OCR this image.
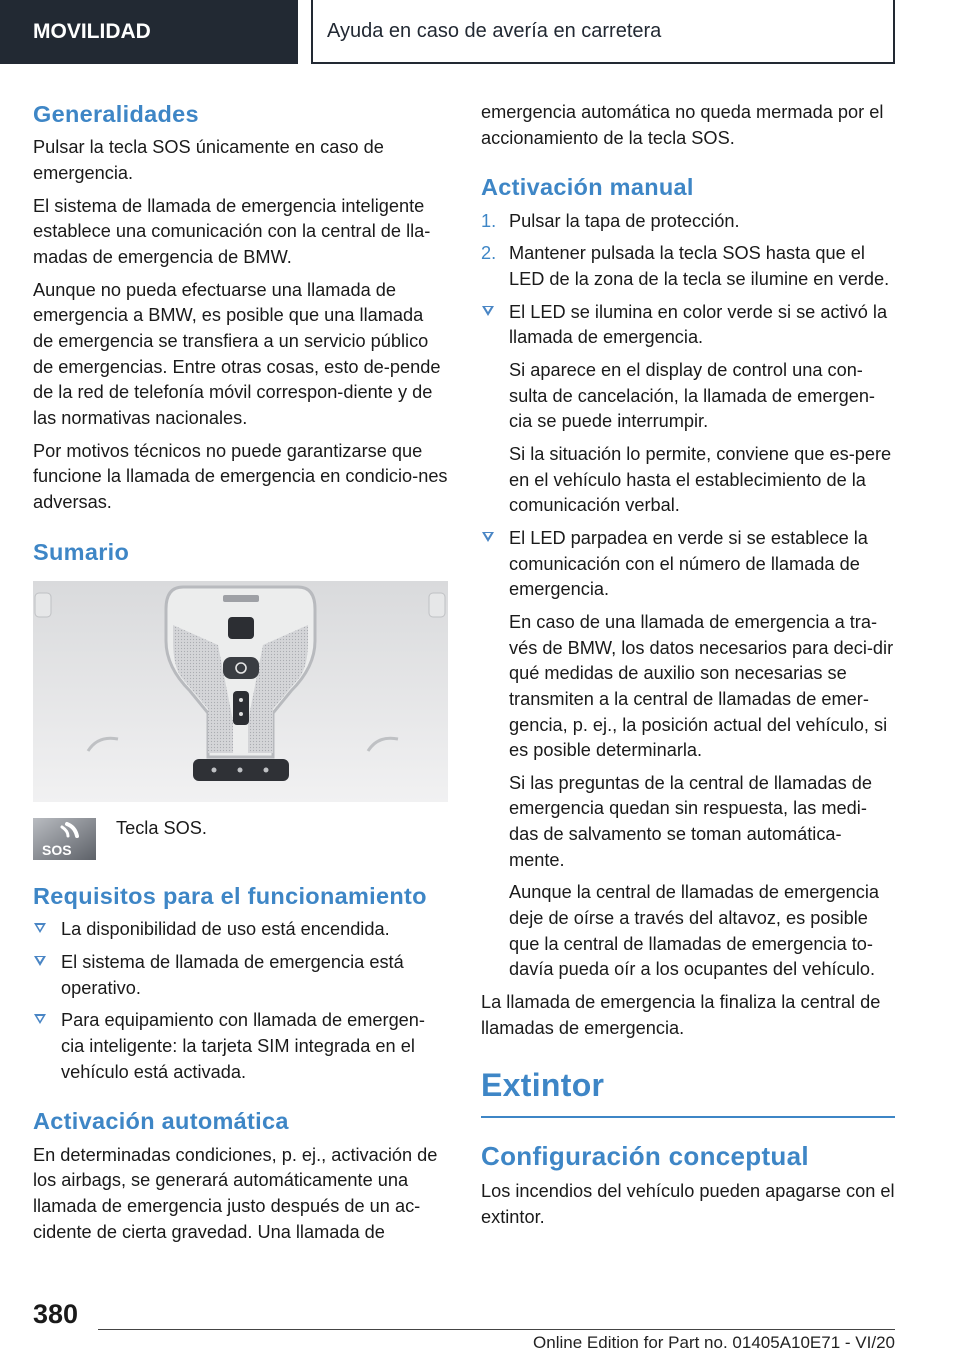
MOVILIDAD	Ayuda en caso de avería en carretera
Generalidades

Pulsar la tecla SOS únicamente en caso de emergencia.

El sistema de llamada de emergencia inteligente establece una comunicación con la central de lla-madas de emergencia de BMW.

Aunque no pueda efectuarse una llamada de emergencia a BMW, es posible que una llamada de emergencia se transfiera a un servicio público de emergencias. Entre otras cosas, esto de-pende de la red de telefonía móvil correspon-diente y de las normativas nacionales.

Por motivos técnicos no puede garantizarse que funcione la llamada de emergencia en condicio-nes adversas.

Sumario
SOS
Tecla SOS.
Requisitos para el funcionamiento
La disponibilidad de uso está encendida.
El sistema de llamada de emergencia está operativo.
Para equipamiento con llamada de emergen-cia inteligente: la tarjeta SIM integrada en el vehículo está activada.
Activación automática

En determinadas condiciones, p. ej., activación de los airbags, se generará automáticamente una llamada de emergencia justo después de un ac-cidente de cierta gravedad. Una llamada de

emergencia automática no queda mermada por el accionamiento de la tecla SOS.

Activación manual
1. Pulsar la tapa de protección.
2. Mantener pulsada la tecla SOS hasta que el LED de la zona de la tecla se ilumine en verde.
El LED se ilumina en color verde si se activó la llamada de emergencia.
Si aparece en el display de control una con-sulta de cancelación, la llamada de emergen-cia se puede interrumpir.
Si la situación lo permite, conviene que es-pere en el vehículo hasta el establecimiento de la comunicación verbal.
El LED parpadea en verde si se establece la comunicación con el número de llamada de emergencia.
En caso de una llamada de emergencia a tra-vés de BMW, los datos necesarios para deci-dir qué medidas de auxilio son necesarias se transmiten a la central de llamadas de emer-gencia, p. ej., la posición actual del vehículo, si es posible determinarla.
Si las preguntas de la central de llamadas de emergencia quedan sin respuesta, las medi-das de salvamento se toman automática-mente.
Aunque la central de llamadas de emergencia deje de oírse a través del altavoz, es posible que la central de llamadas de emergencia to-davía pueda oír a los ocupantes del vehículo.

La llamada de emergencia la finaliza la central de llamadas de emergencia.

Extintor
Configuración conceptual

Los incendios del vehículo pueden apagarse con el extintor.

380
Online Edition for Part no. 01405A10E71 - VI/20
